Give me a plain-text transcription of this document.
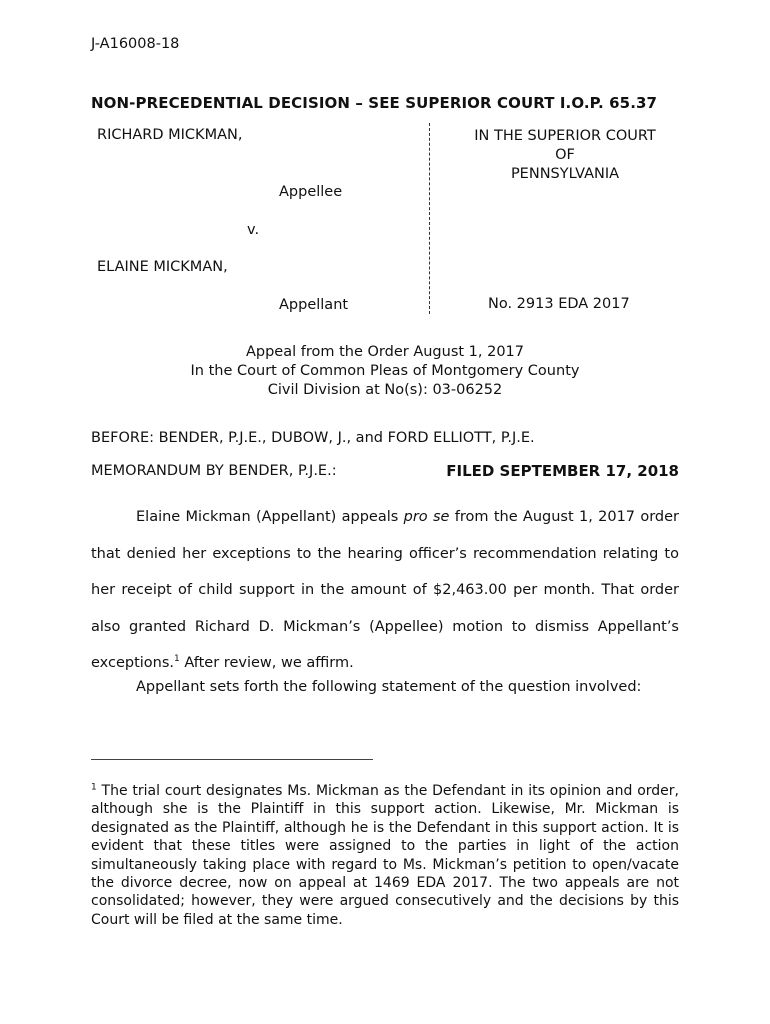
J-A16008-18
NON-PRECEDENTIAL DECISION – SEE SUPERIOR COURT I.O.P. 65.37
RICHARD MICKMAN,
Appellee
v.
ELAINE MICKMAN,
Appellant
IN THE SUPERIOR COURT
OF
PENNSYLVANIA
No. 2913 EDA 2017
Appeal from the Order August 1, 2017
In the Court of Common Pleas of Montgomery County
Civil Division at No(s): 03-06252
BEFORE: BENDER, P.J.E., DUBOW, J., and FORD ELLIOTT, P.J.E.
MEMORANDUM BY BENDER, P.J.E.:	FILED SEPTEMBER 17, 2018

Elaine Mickman (Appellant) appeals pro se from the August 1, 2017 order that denied her exceptions to the hearing officer’s recommendation relating to her receipt of child support in the amount of $2,463.00 per month. That order also granted Richard D. Mickman’s (Appellee) motion to dismiss Appellant’s exceptions.$^1$ After review, we affirm.

Appellant sets forth the following statement of the question involved:

$^1$ The trial court designates Ms. Mickman as the Defendant in its opinion and order, although she is the Plaintiff in this support action. Likewise, Mr. Mickman is designated as the Plaintiff, although he is the Defendant in this support action. It is evident that these titles were assigned to the parties in light of the action simultaneously taking place with regard to Ms. Mickman’s petition to open/vacate the divorce decree, now on appeal at 1469 EDA 2017. The two appeals are not consolidated; however, they were argued consecutively and the decisions by this Court will be filed at the same time.
